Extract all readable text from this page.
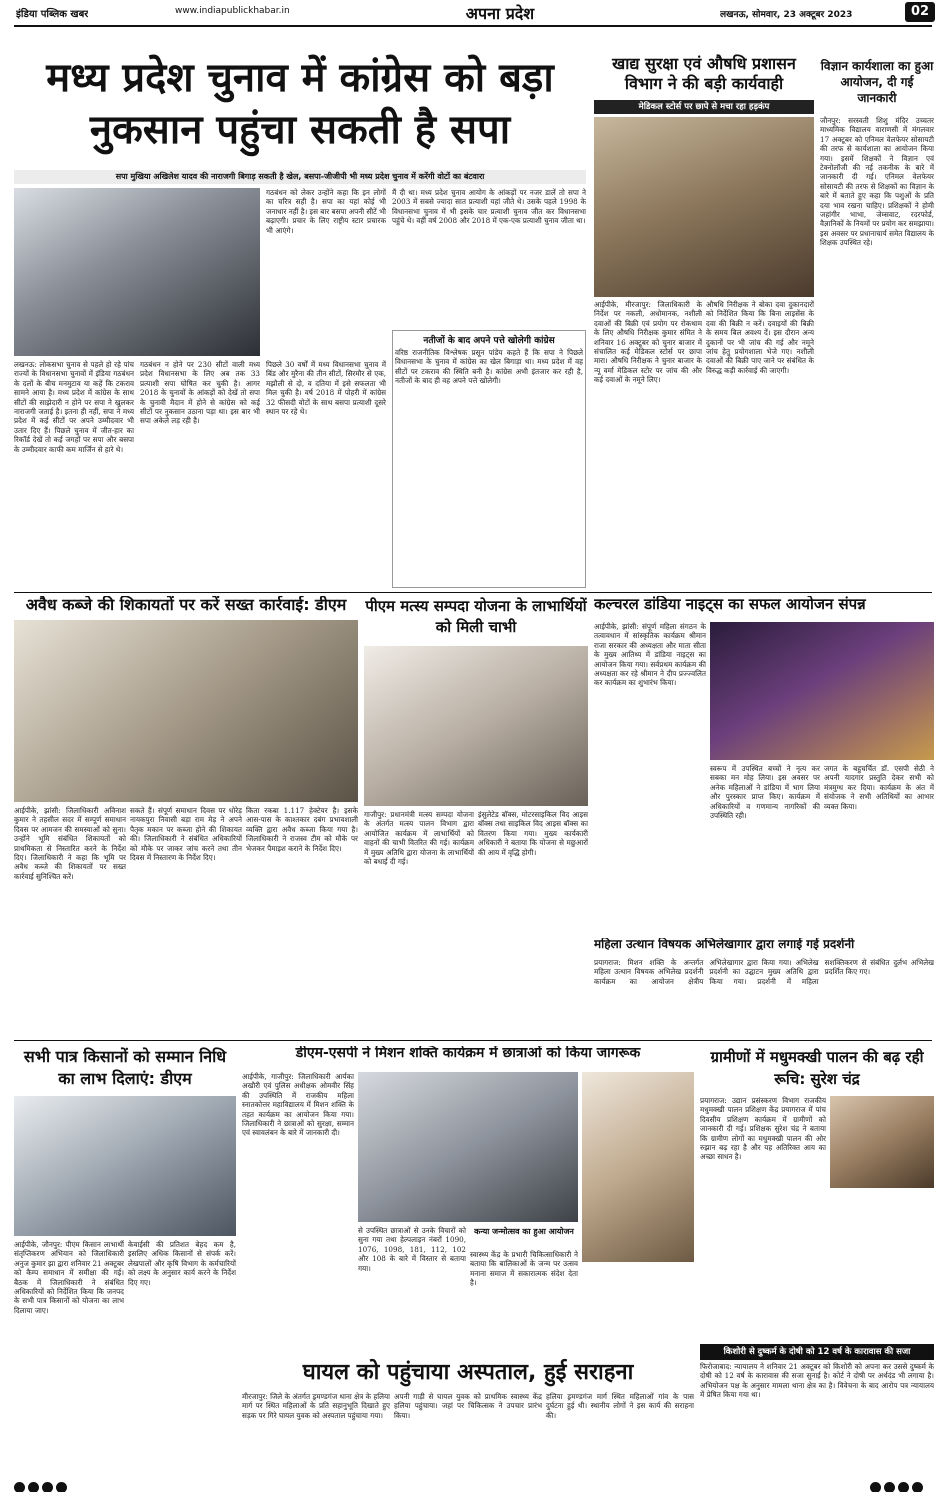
इंडिया पब्लिक खबर	www.indiapublickhabar.in	अपना प्रदेश	लखनऊ, सोमवार, 23 अक्टूबर 2023	02
मध्य प्रदेश चुनाव में कांग्रेस को बड़ा नुकसान पहुंचा सकती है सपा
सपा मुखिया अखिलेश यादव की नाराजगी बिगाड़ सकती है खेल, बसपा-जीजीपी भी मध्य प्रदेश चुनाव में करेंगी वोटों का बंटवारा
लखनऊ: लोकसभा चुनाव से पहले हो रहे पांच राज्यों के विधानसभा चुनावों में इंडिया गठबंधन के दलों के बीच मनमुटाव या कहें कि टकराव सामने आया है। मध्य प्रदेश में कांग्रेस के साथ सीटों की साझेदारी न होने पर सपा ने खुलकर नाराजगी जताई है। इतना ही नहीं, सपा ने मध्य प्रदेश में कई सीटों पर अपने उम्मीदवार भी उतार दिए हैं। पिछले चुनाव में जीत-हार का रिकॉर्ड देखें तो कई जगहों पर सपा और बसपा के उम्मीदवार काफी कम मार्जिन से हारे थे।
गठबंधन न होने पर 230 सीटों वाली मध्य प्रदेश विधानसभा के लिए अब तक 33 प्रत्याशी सपा घोषित कर चुकी है। आगर 2018 के चुनावों के आंकड़ों को देखें तो सपा के चुनावी मैदान में होने से कांग्रेस को कई सीटों पर नुकसान उठाना पड़ा था। इस बार भी सपा अकेले लड़ रही है।
पिछले 30 वर्षों में मध्य विधानसभा चुनाव में बिंड और मुरैना की तीन सीटों, सिरमौर से एक, मझौली से दो, व दतिया में इसे सफलता भी मिल चुकी है। वर्ष 2018 में पोहरी में कांग्रेस 32 फीसदी वोटों के साथ बसपा प्रत्याशी दूसरे स्थान पर रहे थे।
गठबंधन को लेकर उन्होंने कहा कि इन लोगों का चरित्र सही है। सपा का यहां कोई भी जनाधार नहीं है। इस बार बसपा अपनी सीटें भी बढ़ाएगी। प्रचार के लिए राष्ट्रीय स्टार प्रचारक भी आएंगे।
मैं दी था। मध्य प्रदेश चुनाव आयोग के आंकड़ों पर नजर डालें तो सपा ने 2003 में सबसे ज्यादा सात प्रत्याशी यहां जीते थे। उसके पहले 1998 के विधानसभा चुनाव में भी इसके चार प्रत्याशी चुनाव जीत कर विधानसभा पहुंचे थे। वहीं वर्ष 2008 और 2018 में एक-एक प्रत्याशी चुनाव जीता था।
नतीजों के बाद अपने पत्ते खोलेगी कांग्रेस
वरिष्ठ राजनीतिक विश्लेषक प्रसून पांडेय कहते हैं कि सपा ने पिछले विधानसभा के चुनाव में कांग्रेस का खेल बिगाड़ा था। मध्य प्रदेश में वह सीटों पर टकराव की स्थिति बनी है। कांग्रेस अभी इंतजार कर रही है, नतीजों के बाद ही वह अपने पत्ते खोलेगी।
खाद्य सुरक्षा एवं औषधि प्रशासन विभाग ने की बड़ी कार्यवाही
मेडिकल स्टोर्स पर छापे से मचा रहा हड़कंप
आईपीके, मीरजापुर: जिलाधिकारी के निर्देश पर नकली, अधोमानक, नशीली दवाओं की बिक्री एवं प्रयोग पर रोकथाम के लिए औषधि निरीक्षक कुमार संमित ने शनिवार 16 अक्टूबर को चुनार बाजार में संचालित कई मेडिकल स्टोर्स पर छापा मारा। औषधि निरीक्षक ने चुनार बाजार के न्यू वर्मा मेडिकल स्टोर पर जांच की और कई दवाओं के नमूने लिए।
औषधि निरीक्षक ने बोका दवा दुकानदारों को निर्देशित किया कि बिना लाइसेंस के दवा की बिक्री न करें। दवाइयों की बिक्री के समय बिल अवश्य दें। इस दौरान अन्य दुकानों पर भी जांच की गई और नमूने जांच हेतु प्रयोगशाला भेजे गए। नशीली दवाओं की बिक्री पाए जाने पर संबंधित के विरुद्ध कड़ी कार्रवाई की जाएगी।
विज्ञान कार्यशाला का हुआ आयोजन, दी गई जानकारी
जौनपुर: सरस्वती शिशु मंदिर उच्चतर माध्यमिक विद्यालय वाराणसी में मंगलवार 17 अक्टूबर को एनिमल वेलफेयर सोसायटी की तरफ से कार्यशाला का आयोजन किया गया। इसमें शिक्षकों ने विज्ञान एवं टेक्नोलॉजी की नई तकनीक के बारे में जानकारी दी गई। एनिमल वेलफेयर सोसायटी की तरफ से शिक्षकों का विज्ञान के बारे में बताते हुए कहा कि पशुओं के प्रति दया भाव रखना चाहिए। प्रशिक्षकों ने होमी जहांगीर भाभा, जेम्सवाट, रदरफोर्ड, वैज्ञानिकों के नियमों पर प्रयोग कर समझाया। इस अवसर पर प्रधानाचार्य समेत विद्यालय के शिक्षक उपस्थित रहे।
अवैध कब्जे की शिकायतों पर करें सख्त कार्रवाई: डीएम
आईपीके, झांसी: जिलाधिकारी अविनाश कुमार ने तहसील सदर में सम्पूर्ण समाधान दिवस पर आमजन की समस्याओं को सुना। उन्होंने भूमि संबंधित शिकायतों को प्राथमिकता से निस्तारित करने के निर्देश दिए। जिलाधिकारी ने कहा कि भूमि पर अवैध कब्जे की शिकायतों पर सख्त कार्रवाई सुनिश्चित करें।
सकते हैं। संपूर्ण समाधान दिवस पर धोरेड़ नायकपुरा निवासी बड़ा राम मेड़ ने अपने पैतृक मकान पर कब्जा होने की शिकायत की। जिलाधिकारी ने संबंधित अधिकारियों को मौके पर जाकर जांच करने तथा तीन दिवस में निस्तारण के निर्देश दिए।
किता रकबा 1.117 हेक्टेयर है। इसके आस-पास के काश्तकार दबंग प्रभावशाली व्यक्ति द्वारा अवैध कब्जा किया गया है। जिलाधिकारी ने राजस्व टीम को मौके पर भेजकर पैमाइश कराने के निर्देश दिए।
पीएम मत्स्य सम्पदा योजना के लाभार्थियों को मिली चाभी
गाजीपुर: प्रधानमंत्री मत्स्य सम्पदा योजना के अंतर्गत मत्स्य पालन विभाग द्वारा आयोजित कार्यक्रम में लाभार्थियों को वाहनों की चाभी वितरित की गई। कार्यक्रम में मुख्य अतिथि द्वारा योजना के लाभार्थियों को बधाई दी गई।
इंसुलेटेड बॉक्स, मोटरसाइकिल विद आइस बॉक्स तथा साइकिल विद आइस बॉक्स का वितरण किया गया। मुख्य कार्यकारी अधिकारी ने बताया कि योजना से मछुआरों की आय में वृद्धि होगी।
कल्चरल डांडिया नाइट्स का सफल आयोजन संपन्न
आईपीके, झांसी: संपूर्ण महिला संगठन के तत्वावधान में सांस्कृतिक कार्यक्रम श्रीमान राजा सरकार की अध्यक्षता और माता सीता के मुख्य आतिथ्य में डांडिया नाइट्स का आयोजन किया गया। सर्वप्रथम कार्यक्रम की अध्यक्षता कर रहे श्रीमान ने दीप प्रज्ज्वलित कर कार्यक्रम का शुभारंभ किया।
स्वरूप में उपस्थित बच्चों ने नृत्य कर सबका मन मोह लिया। इस अवसर पर अनेक महिलाओं ने डांडिया में भाग लिया और पुरस्कार प्राप्त किए। कार्यक्रम में अधिकारियों व गणमान्य नागरिकों की उपस्थिति रही।
जगत के बहुचर्चित डॉ. एसपी सेठी ने अपनी यादगार प्रस्तुति देकर सभी को मंत्रमुग्ध कर दिया। कार्यक्रम के अंत में संयोजक ने सभी अतिथियों का आभार व्यक्त किया।
महिला उत्थान विषयक अभिलेखागार द्वारा लगाई गई प्रदर्शनी
प्रयागराज: मिशन शक्ति के अन्तर्गत महिला उत्थान विषयक अभिलेख प्रदर्शनी कार्यक्रम का आयोजन क्षेत्रीय अभिलेखागार द्वारा किया गया। अभिलेख प्रदर्शनी का उद्घाटन मुख्य अतिथि द्वारा किया गया। प्रदर्शनी में महिला सशक्तिकरण से संबंधित दुर्लभ अभिलेख प्रदर्शित किए गए।
सभी पात्र किसानों को सम्मान निधि का लाभ दिलाएं: डीएम
आईपीके, जौनपुर: पीएम किसान लाभार्थी संतृप्तिकरण अभियान को जिलाधिकारी अनुज कुमार झा द्वारा शनिवार 21 अक्टूबर को कैम्प समाधान में समीक्षा की गई। बैठक में जिलाधिकारी ने संबंधित अधिकारियों को निर्देशित किया कि जनपद के सभी पात्र किसानों को योजना का लाभ दिलाया जाए।
केवाईसी की प्रतिशत बेहद कम है, इसलिए अधिक किसानों से संपर्क करें। लेखपालों और कृषि विभाग के कर्मचारियों को लक्ष्य के अनुसार कार्य करने के निर्देश दिए गए।
डीएम-एसपी ने मिशन शक्ति कार्यक्रम में छात्राओं को किया जागरूक
आईपीके, गाजीपुर: जिलाधिकारी आर्यका अखौरी एवं पुलिस अधीक्षक ओमवीर सिंह की उपस्थिति में राजकीय महिला स्नातकोत्तर महाविद्यालय में मिशन शक्ति के तहत कार्यक्रम का आयोजन किया गया। जिलाधिकारी ने छात्राओं को सुरक्षा, सम्मान एवं स्वावलंबन के बारे में जानकारी दी।
से उपस्थित छात्राओं से उनके विचारों को सुना गया तथा हेल्पलाइन नंबरों 1090, 1076, 1098, 181, 112, 102 और 108 के बारे में विस्तार से बताया गया।
कन्या जन्मोत्सव का हुआ आयोजन
स्वास्थ्य केंद्र के प्रभारी चिकित्साधिकारी ने बताया कि बालिकाओं के जन्म पर उत्सव मनाना समाज में सकारात्मक संदेश देता है।
ग्रामीणों में मधुमक्खी पालन की बढ़ रही रूचि: सुरेश चंद्र
प्रयागराज: उद्यान प्रसंस्करण विभाग राजकीय मधुमक्खी पालन प्रशिक्षण केंद्र प्रयागराज में पांच दिवसीय प्रशिक्षण कार्यक्रम में ग्रामीणों को जानकारी दी गई। प्रशिक्षक सुरेश चंद्र ने बताया कि ग्रामीण लोगों का मधुमक्खी पालन की ओर रुझान बढ़ रहा है और यह अतिरिक्त आय का अच्छा साधन है।
किशोरी से दुष्कर्म के दोषी को 12 वर्ष के कारावास की सजा
फिरोजाबाद: न्यायालय ने शनिवार 21 अक्टूबर को किशोरी को अपना कर उससे दुष्कर्म के दोषी को 12 वर्ष के कारावास की सजा सुनाई है। कोर्ट ने दोषी पर अर्थदंड भी लगाया है। अभियोजन पक्ष के अनुसार मामला थाना क्षेत्र का है। विवेचना के बाद आरोप पत्र न्यायालय में प्रेषित किया गया था।
घायल को पहुंचाया अस्पताल, हुई सराहना
मीरजापुर: जिले के अंतर्गत ड्रमण्डगंज थाना क्षेत्र के हलिया मार्ग पर स्थित महिलाओं के प्रति सहानुभूति दिखाते हुए सड़क पर गिरे घायल युवक को अस्पताल पहुंचाया गया।
अपनी गाड़ी से घायल युवक को प्राथमिक स्वास्थ्य केंद्र हलिया पहुंचाया। जहां पर चिकित्सक ने उपचार प्रारंभ किया।
हलिया ड्रमण्डगंज मार्ग स्थित महिलाओं गांव के पास दुर्घटना हुई थी। स्थानीय लोगों ने इस कार्य की सराहना की।
